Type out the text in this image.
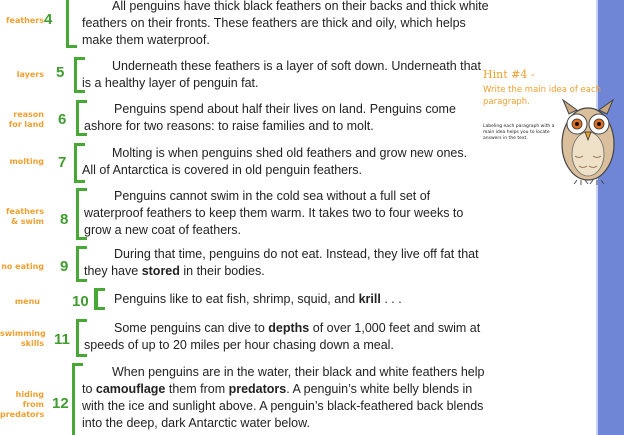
feathers 4
All penguins have thick black feathers on their backs and thick white feathers on their fronts. These feathers are thick and oily, which helps make them waterproof.
layers 5	Underneath these feathers is a layer of soft down. Underneath that is a healthy layer of penguin fat.
reason for land 6
Penguins spend about half their lives on land. Penguins come ashore for two reasons: to raise families and to molt.
molting 7
Molting is when penguins shed old feathers and grow new ones. All of Antarctica is covered in old penguin feathers.
feathers & swim 8
Penguins cannot swim in the cold sea without a full set of waterproof feathers to keep them warm. It takes two to four weeks to grow a new coat of feathers.
no eating 9
During that time, penguins do not eat. Instead, they live off fat that they have stored in their bodies.
menu 10 Penguins like to eat fish, shrimp, squid, and krill . . .
swimming skills 11
Some penguins can dive to depths of over 1,000 feet and swim at speeds of up to 20 miles per hour chasing down a meal.
hiding from predators
12
When penguins are in the water, their black and white feathers help to camouflage them from predators. A penguin’s white belly blends in with the ice and sunlight above. A penguin’s black-feathered back blends into the deep, dark Antarctic water below.
Hint #4 -
Write the main idea of each paragraph.
Labeling each paragraph with a main idea helps you to locate answers in the text.
